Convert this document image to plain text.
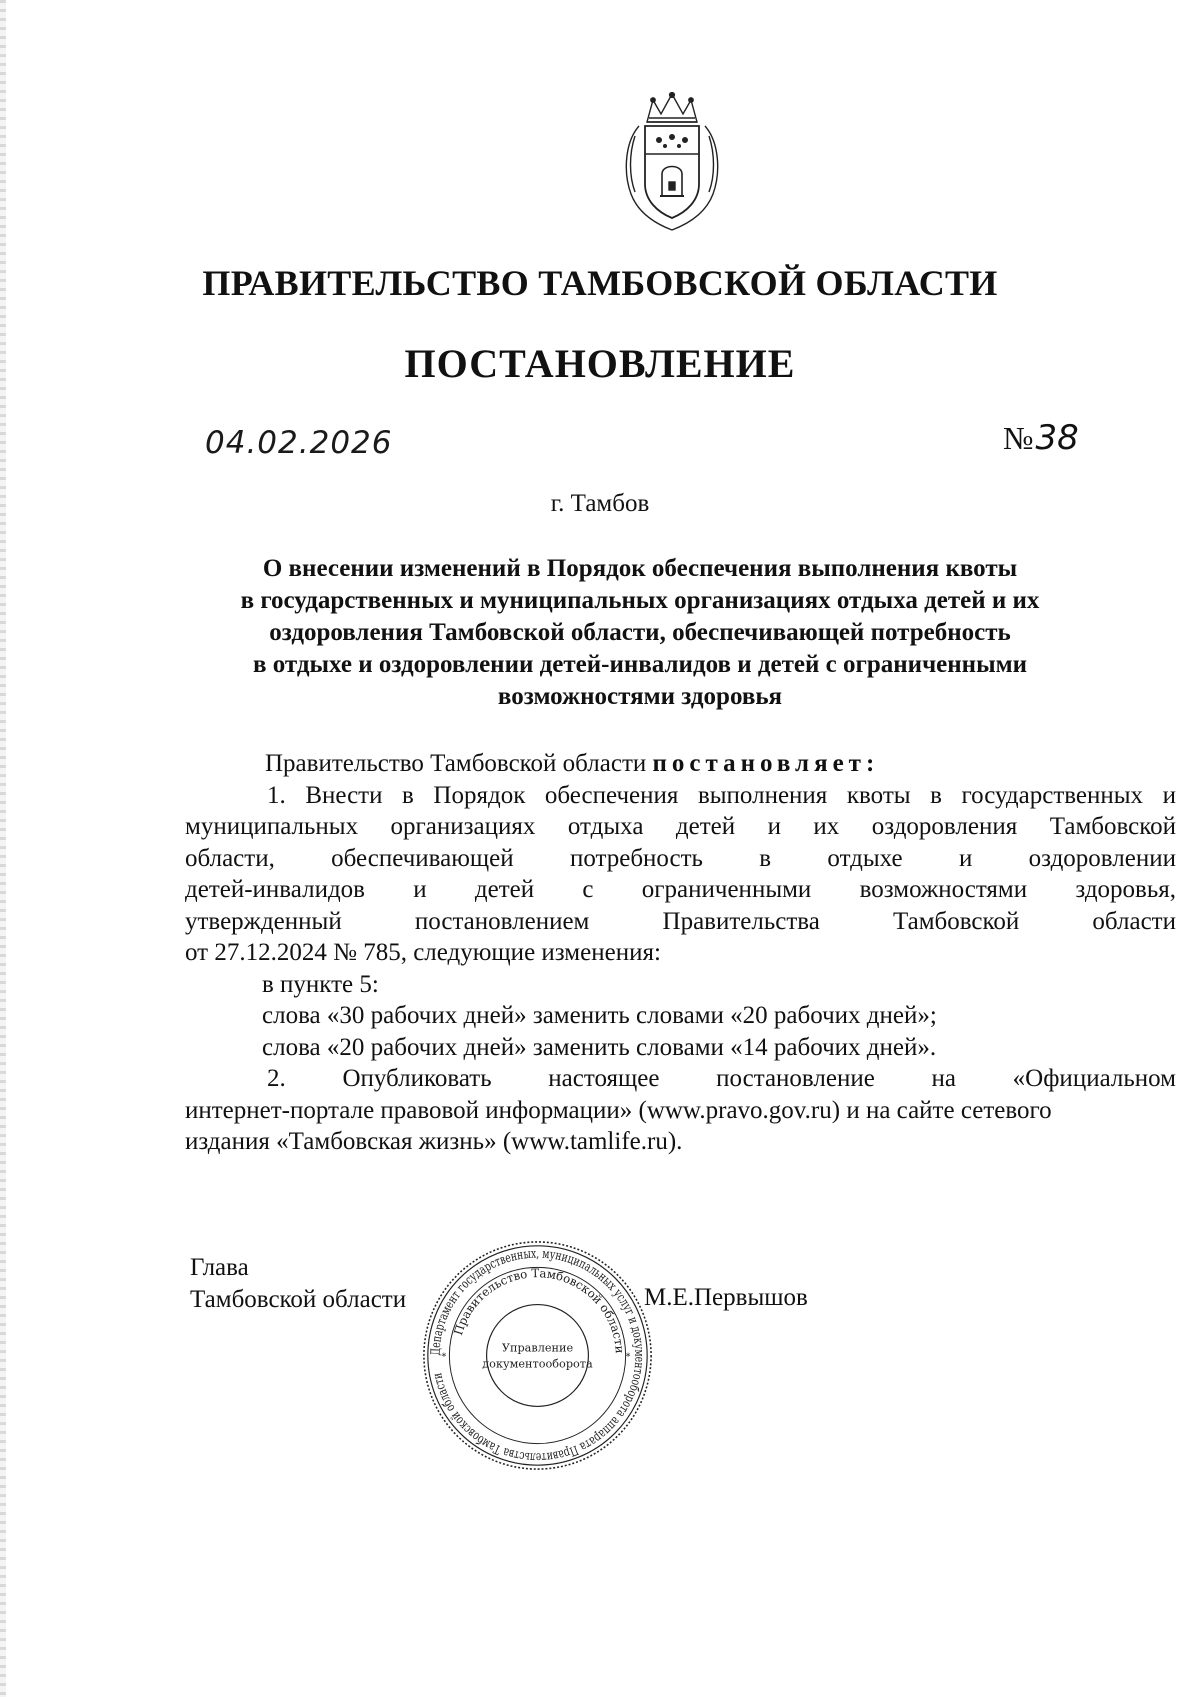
ПРАВИТЕЛЬСТВО ТАМБОВСКОЙ ОБЛАСТИ
ПОСТАНОВЛЕНИЕ
04.02.2026	№38
г. Тамбов
О внесении изменений в Порядок обеспечения выполнения квоты
в государственных и муниципальных организациях отдыха детей и их
оздоровления Тамбовской области, обеспечивающей потребность
в отдыхе и оздоровлении детей-инвалидов и детей с ограниченными
возможностями здоровья
Правительство Тамбовской области постановляет:
1. Внести в Порядок обеспечения выполнения квоты в государственных и
муниципальных организациях отдыха детей и их оздоровления Тамбовской
области, обеспечивающей потребность в отдыхе и оздоровлении
детей-инвалидов и детей с ограниченными возможностями здоровья,
утвержденный постановлением Правительства Тамбовской области
от 27.12.2024 № 785, следующие изменения:
в пункте 5:
слова «30 рабочих дней» заменить словами «20 рабочих дней»;
слова «20 рабочих дней» заменить словами «14 рабочих дней».
2. Опубликовать настоящее постановление на «Официальном
интернет-портале правовой информации» (www.pravo.gov.ru) и на сайте сетевого
издания «Тамбовская жизнь» (www.tamlife.ru).
Глава
Тамбовской области
Департамент государственных, муниципальных услуг и документооборота аппарата Правительства Тамбовской области
Правительство Тамбовской области
Управление
документооборота
*	*
М.Е.Первышов
